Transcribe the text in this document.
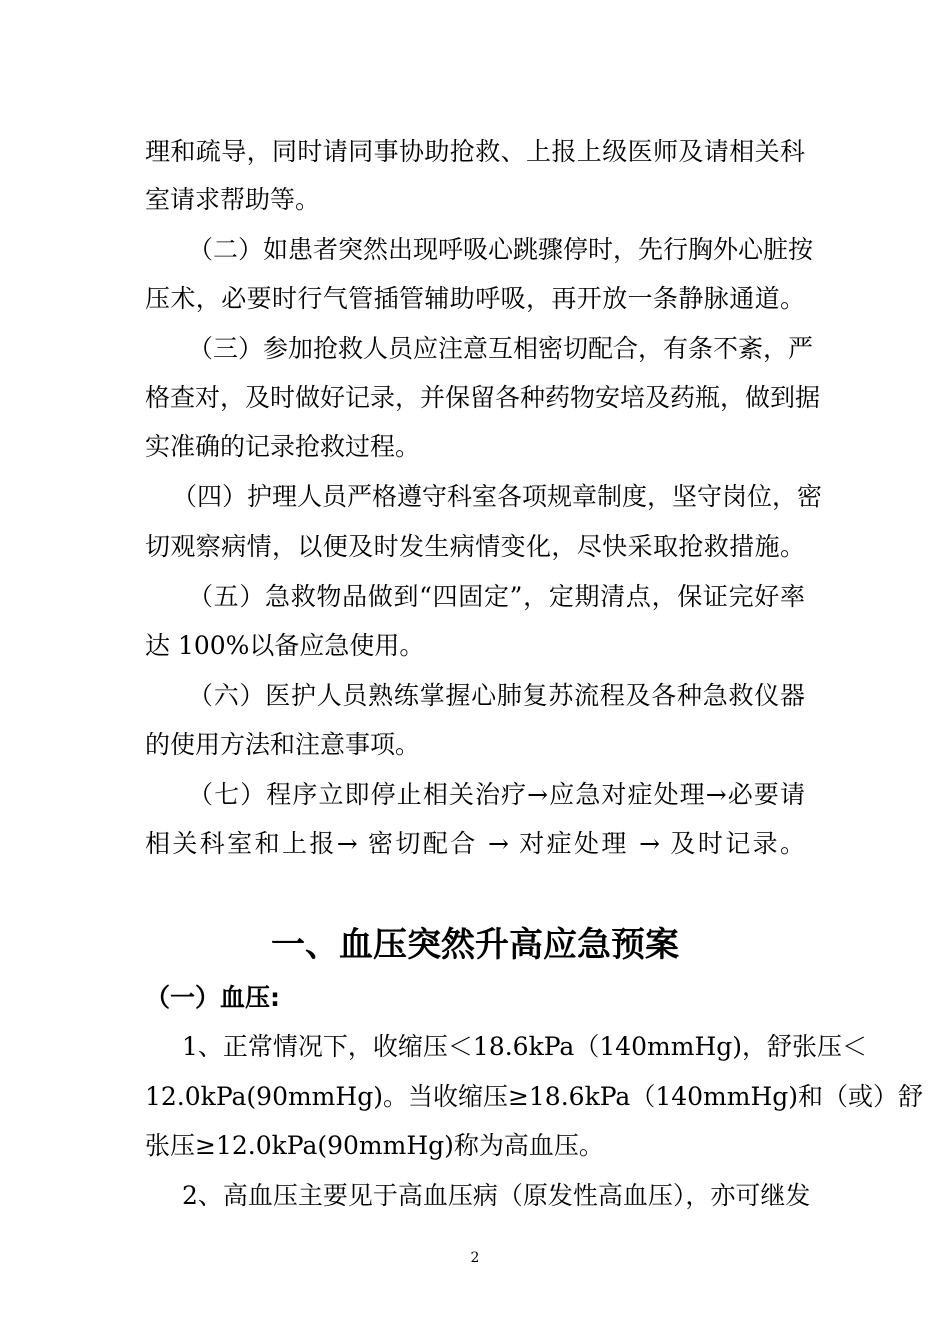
理和疏导，同时请同事协助抢救、上报上级医师及请相关科
室请求帮助等。
（二）如患者突然出现呼吸心跳骤停时，先行胸外心脏按
压术，必要时行气管插管辅助呼吸，再开放一条静脉通道。
（三）参加抢救人员应注意互相密切配合，有条不紊，严
格查对，及时做好记录，并保留各种药物安培及药瓶，做到据
实准确的记录抢救过程。
（四）护理人员严格遵守科室各项规章制度，坚守岗位，密
切观察病情，以便及时发生病情变化，尽快采取抢救措施。
（五）急救物品做到“四固定”，定期清点，保证完好率
达 100%以备应急使用。
（六）医护人员熟练掌握心肺复苏流程及各种急救仪器
的使用方法和注意事项。
（七）程序立即停止相关治疗→应急对症处理→必要请
相关科室和上报→ 密切配合 → 对症处理 → 及时记录。
一、血压突然升高应急预案
（一）血压:
1、正常情况下，收缩压＜18.6kPa（140mmHg)，舒张压＜
12.0kPa(90mmHg)。当收缩压≥18.6kPa（140mmHg)和（或）舒
张压≥12.0kPa(90mmHg)称为高血压。
2、高血压主要见于高血压病（原发性高血压），亦可继发
2
